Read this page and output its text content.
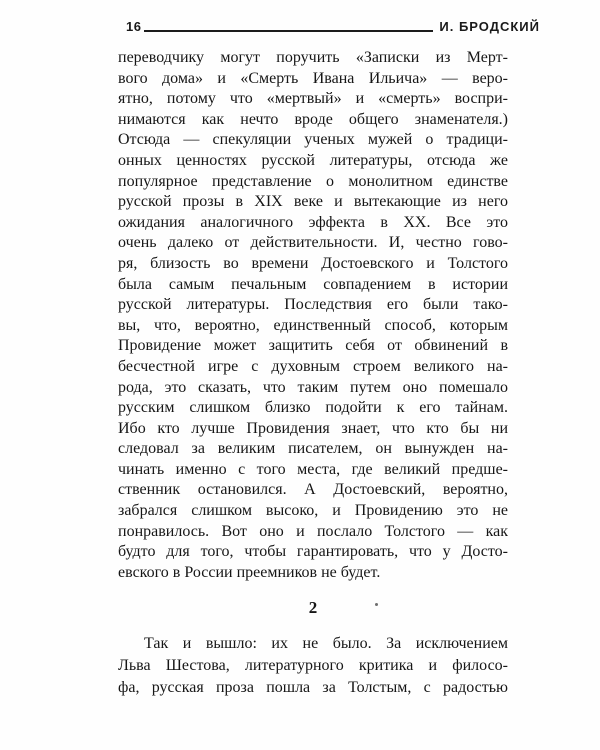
16	И. БРОДСКИЙ
переводчику могут поручить «Записки из Мерт-
вого дома» и «Смерть Ивана Ильича» — веро-
ятно, потому что «мертвый» и «смерть» воспри-
нимаются как нечто вроде общего знаменателя.)
Отсюда — спекуляции ученых мужей о традици-
онных ценностях русской литературы, отсюда же
популярное представление о монолитном единстве
русской прозы в XIX веке и вытекающие из него
ожидания аналогичного эффекта в XX. Все это
очень далеко от действительности. И, честно гово-
ря, близость во времени Достоевского и Толстого
была самым печальным совпадением в истории
русской литературы. Последствия его были тако-
вы, что, вероятно, единственный способ, которым
Провидение может защитить себя от обвинений в
бесчестной игре с духовным строем великого на-
рода, это сказать, что таким путем оно помешало
русским слишком близко подойти к его тайнам.
Ибо кто лучше Провидения знает, что кто бы ни
следовал за великим писателем, он вынужден на-
чинать именно с того места, где великий предше-
ственник остановился. А Достоевский, вероятно,
забрался слишком высоко, и Провидению это не
понравилось. Вот оно и послало Толстого — как
будто для того, чтобы гарантировать, что у Досто-
евского в России преемников не будет.
2
Так и вышло: их не было. За исключением
Льва Шестова, литературного критика и филосо-
фа, русская проза пошла за Толстым, с радостью
